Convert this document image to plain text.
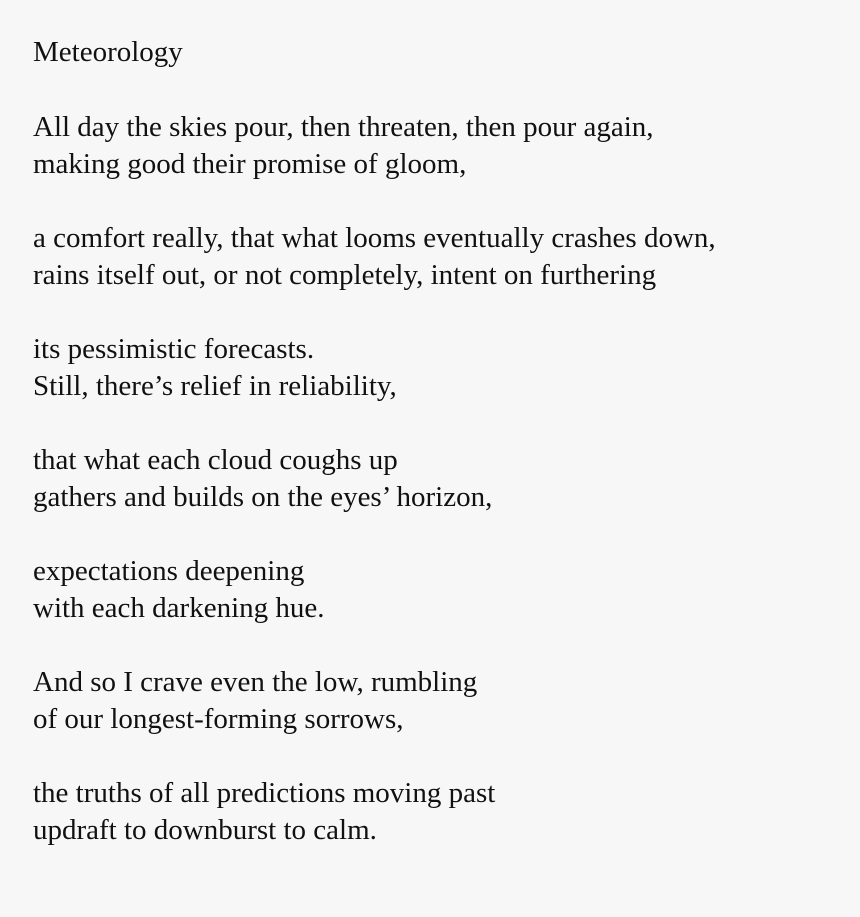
Meteorology
All day the skies pour, then threaten, then pour again,
making good their promise of gloom,
a comfort really, that what looms eventually crashes down,
rains itself out, or not completely, intent on furthering
its pessimistic forecasts.
Still, there’s relief in reliability,
that what each cloud coughs up
gathers and builds on the eyes’ horizon,
expectations deepening
with each darkening hue.
And so I crave even the low, rumbling
of our longest-forming sorrows,
the truths of all predictions moving past
updraft to downburst to calm.
